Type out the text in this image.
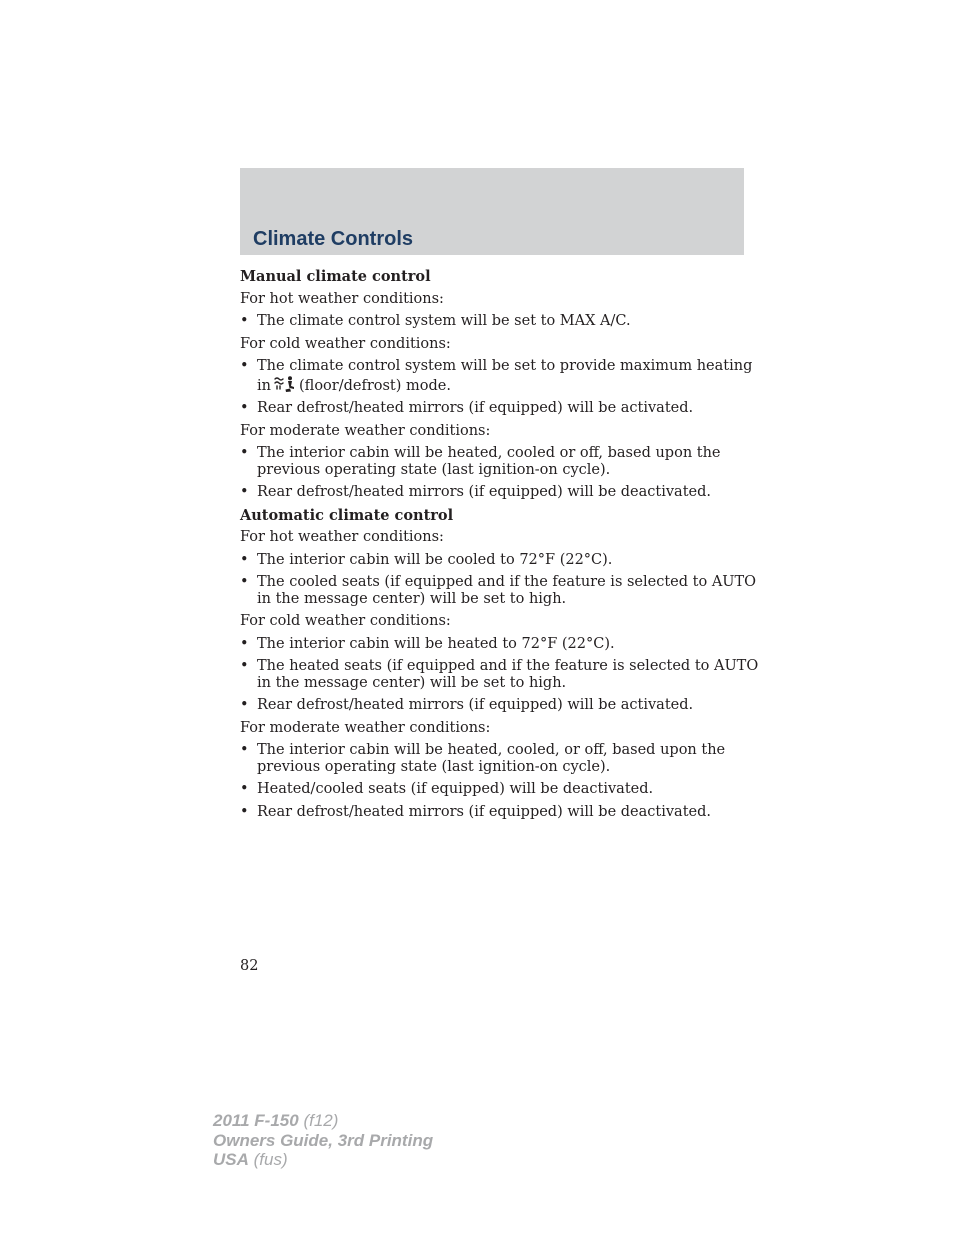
Climate Controls
Manual climate control
For hot weather conditions:
• The climate control system will be set to MAX A/C.
For cold weather conditions:
• The climate control system will be set to provide maximum heating
in (floor/defrost) mode.
• Rear defrost/heated mirrors (if equipped) will be activated.
For moderate weather conditions:
• The interior cabin will be heated, cooled or off, based upon the
previous operating state (last ignition-on cycle).
• Rear defrost/heated mirrors (if equipped) will be deactivated.
Automatic climate control
For hot weather conditions:
• The interior cabin will be cooled to 72°F (22°C).
• The cooled seats (if equipped and if the feature is selected to AUTO
in the message center) will be set to high.
For cold weather conditions:
• The interior cabin will be heated to 72°F (22°C).
• The heated seats (if equipped and if the feature is selected to AUTO
in the message center) will be set to high.
• Rear defrost/heated mirrors (if equipped) will be activated.
For moderate weather conditions:
• The interior cabin will be heated, cooled, or off, based upon the
previous operating state (last ignition-on cycle).
• Heated/cooled seats (if equipped) will be deactivated.
• Rear defrost/heated mirrors (if equipped) will be deactivated.
82
2011 F-150 (f12)
Owners Guide, 3rd Printing
USA (fus)
